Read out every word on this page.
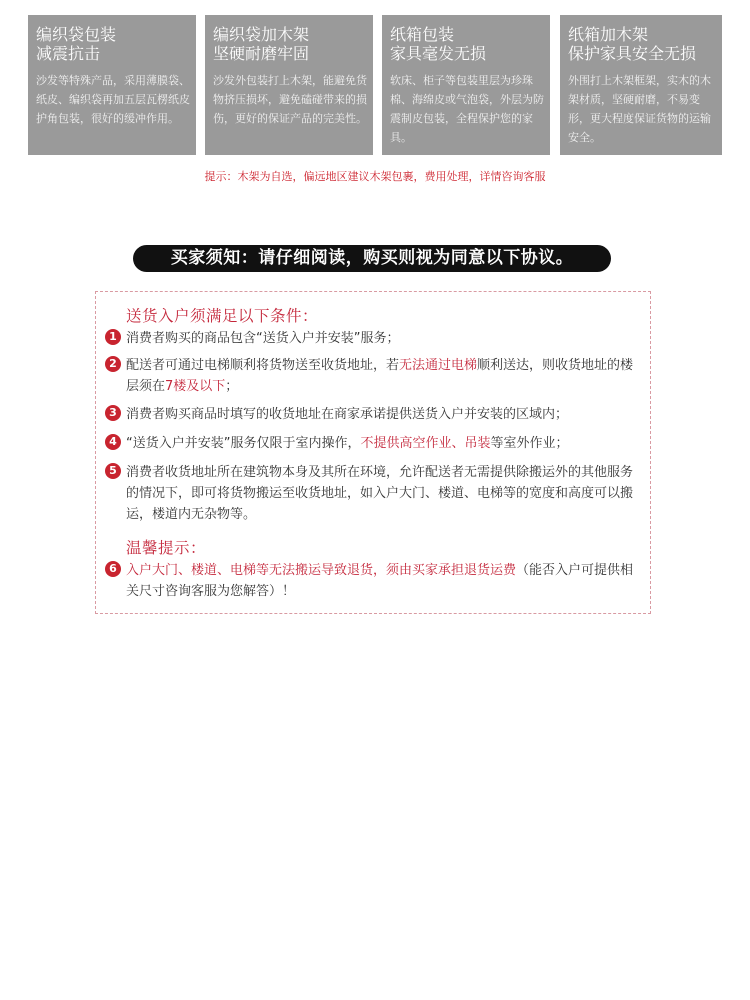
编织袋包装
减震抗击
沙发等特殊产品，采用薄膜袋、纸皮、编织袋再加五层瓦楞纸皮护角包装，很好的缓冲作用。
编织袋加木架
坚硬耐磨牢固
沙发外包装打上木架，能避免货物挤压损坏，避免磕碰带来的损伤，更好的保证产品的完美性。
纸箱包装
家具毫发无损
软床、柜子等包装里层为珍珠棉、海绵皮或气泡袋，外层为防震制皮包装，全程保护您的家具。
纸箱加木架
保护家具安全无损
外围打上木架框架，实木的木架材质，坚硬耐磨，不易变形，更大程度保证货物的运输安全。
提示：木架为自选，偏远地区建议木架包裹，费用处理，详情咨询客服
买家须知：请仔细阅读，购买则视为同意以下协议。
送货入户须满足以下条件：
1 消费者购买的商品包含“送货入户并安装”服务；
2 配送者可通过电梯顺利将货物送至收货地址，若无法通过电梯顺利送达，则收货地址的楼层须在7楼及以下；
3 消费者购买商品时填写的收货地址在商家承诺提供送货入户并安装的区域内；
4 “送货入户并安装”服务仅限于室内操作，不提供高空作业、吊装等室外作业；
5 消费者收货地址所在建筑物本身及其所在环境，允许配送者无需提供除搬运外的其他服务的情况下，即可将货物搬运至收货地址，如入户大门、楼道、电梯等的宽度和高度可以搬运，楼道内无杂物等。
温馨提示：
6 入户大门、楼道、电梯等无法搬运导致退货，须由买家承担退货运费（能否入户可提供相关尺寸咨询客服为您解答）！
